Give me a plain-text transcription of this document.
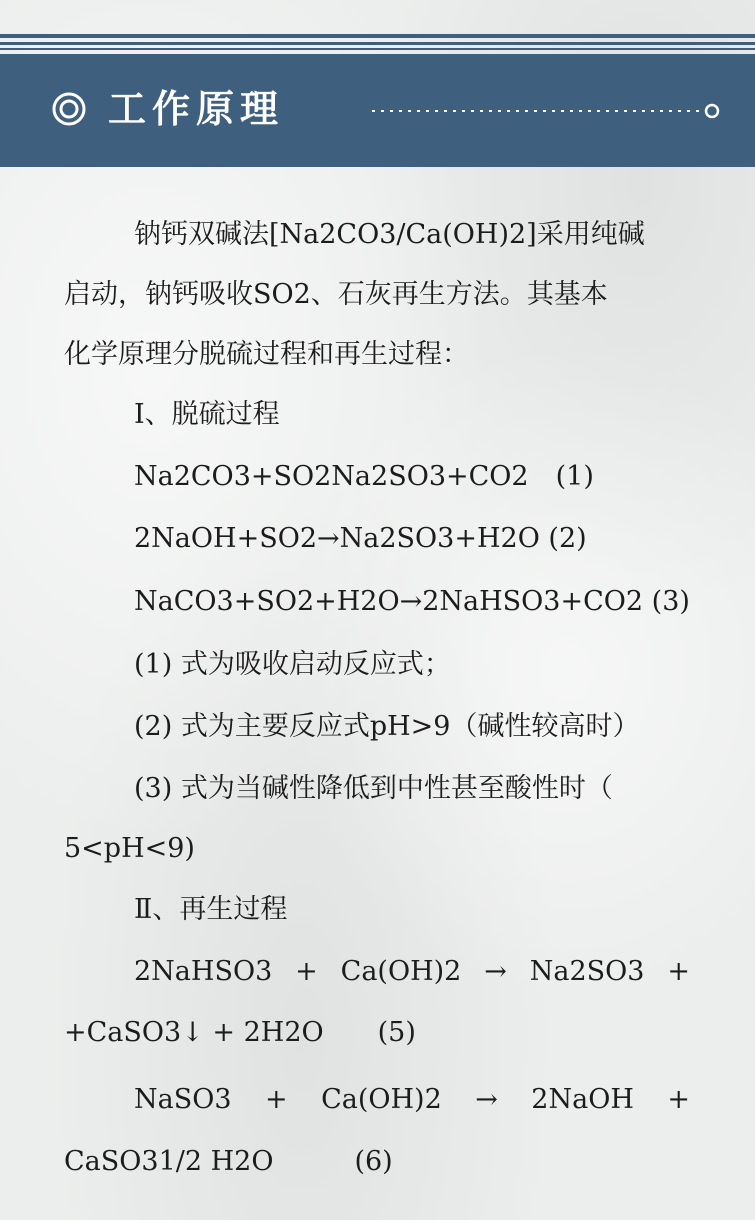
工作原理
钠钙双碱法[Na2CO3/Ca(OH)2]采用纯碱
启动，钠钙吸收SO2、石灰再生方法。其基本
化学原理分脱硫过程和再生过程：
Ⅰ、脱硫过程
Na2CO3+SO2Na2SO3+CO2　(1)
2NaOH+SO2→Na2SO3+H2O (2)
NaCO3+SO2+H2O→2NaHSO3+CO2 (3)
(1) 式为吸收启动反应式；
(2) 式为主要反应式pH>9（碱性较高时）
(3) 式为当碱性降低到中性甚至酸性时（
5<pH<9)
Ⅱ、再生过程
2NaHSO3 + Ca(OH)2 → Na2SO3 +
+CaSO3↓ + 2H2O　　(5)
NaSO3 + Ca(OH)2 → 2NaOH +
CaSO31/2 H2O　　　(6)
